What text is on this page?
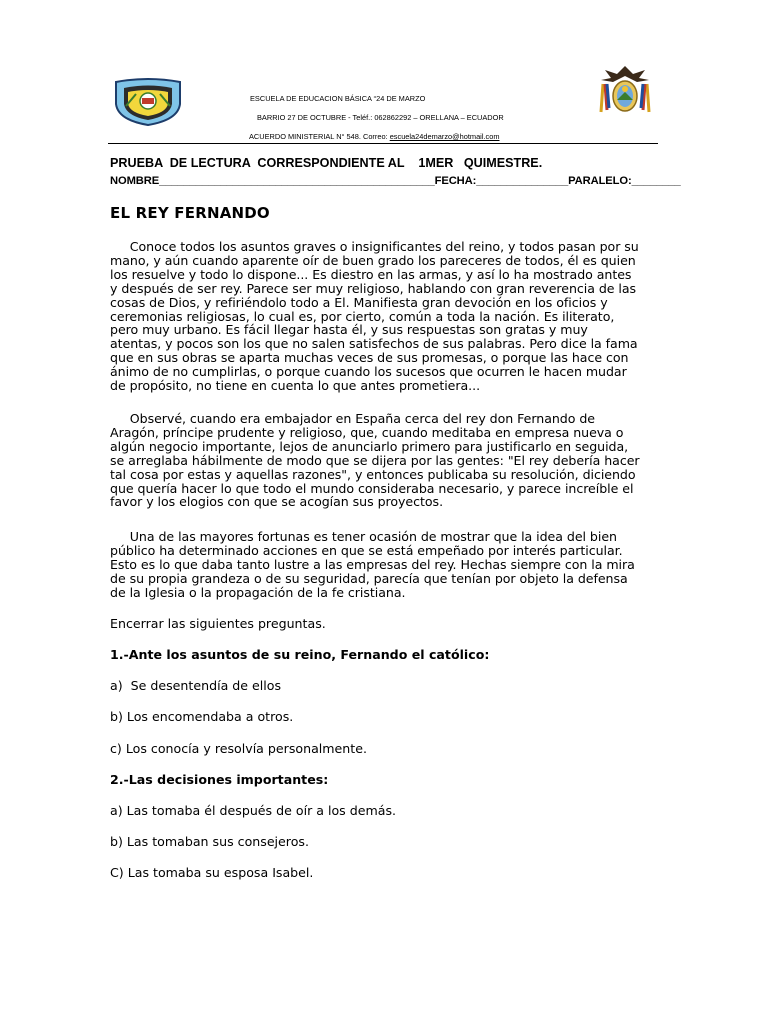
ESCUELA DE EDUCACION BÁSICA “24 DE MARZO
BARRIO 27 DE OCTUBRE - Teléf.: 062862292 – ORELLANA – ECUADOR
ACUERDO MINISTERIAL N° 548. Correo: escuela24demarzo@hotmail.com
PRUEBA  DE LECTURA  CORRESPONDIENTE AL    1MER   QUIMESTRE.
NOMBRE_____________________________________________FECHA:_______________PARALELO:________
EL REY FERNANDO

Conoce todos los asuntos graves o insignificantes del reino, y todos pasan por su
mano, y aún cuando aparente oír de buen grado los pareceres de todos, él es quien
los resuelve y todo lo dispone... Es diestro en las armas, y así lo ha mostrado antes
y después de ser rey. Parece ser muy religioso, hablando con gran reverencia de las
cosas de Dios, y refiriéndolo todo a El. Manifiesta gran devoción en los oficios y
ceremonias religiosas, lo cual es, por cierto, común a toda la nación. Es iliterato,
pero muy urbano. Es fácil llegar hasta él, y sus respuestas son gratas y muy
atentas, y pocos son los que no salen satisfechos de sus palabras. Pero dice la fama
que en sus obras se aparta muchas veces de sus promesas, o porque las hace con
ánimo de no cumplirlas, o porque cuando los sucesos que ocurren le hacen mudar
de propósito, no tiene en cuenta lo que antes prometiera...

Observé, cuando era embajador en España cerca del rey don Fernando de
Aragón, príncipe prudente y religioso, que, cuando meditaba en empresa nueva o
algún negocio importante, lejos de anunciarlo primero para justificarlo en seguida,
se arreglaba hábilmente de modo que se dijera por las gentes: "El rey debería hacer
tal cosa por estas y aquellas razones", y entonces publicaba su resolución, diciendo
que quería hacer lo que todo el mundo consideraba necesario, y parece increíble el
favor y los elogios con que se acogían sus proyectos.

Una de las mayores fortunas es tener ocasión de mostrar que la idea del bien
público ha determinado acciones en que se está empeñado por interés particular.
Esto es lo que daba tanto lustre a las empresas del rey. Hechas siempre con la mira
de su propia grandeza o de su seguridad, parecía que tenían por objeto la defensa
de la Iglesia o la propagación de la fe cristiana.

Encerrar las siguientes preguntas.
1.-Ante los asuntos de su reino, Fernando el católico:
a)  Se desentendía de ellos
b) Los encomendaba a otros.
c) Los conocía y resolvía personalmente.
2.-Las decisiones importantes:
a) Las tomaba él después de oír a los demás.
b) Las tomaban sus consejeros.
C) Las tomaba su esposa Isabel.
